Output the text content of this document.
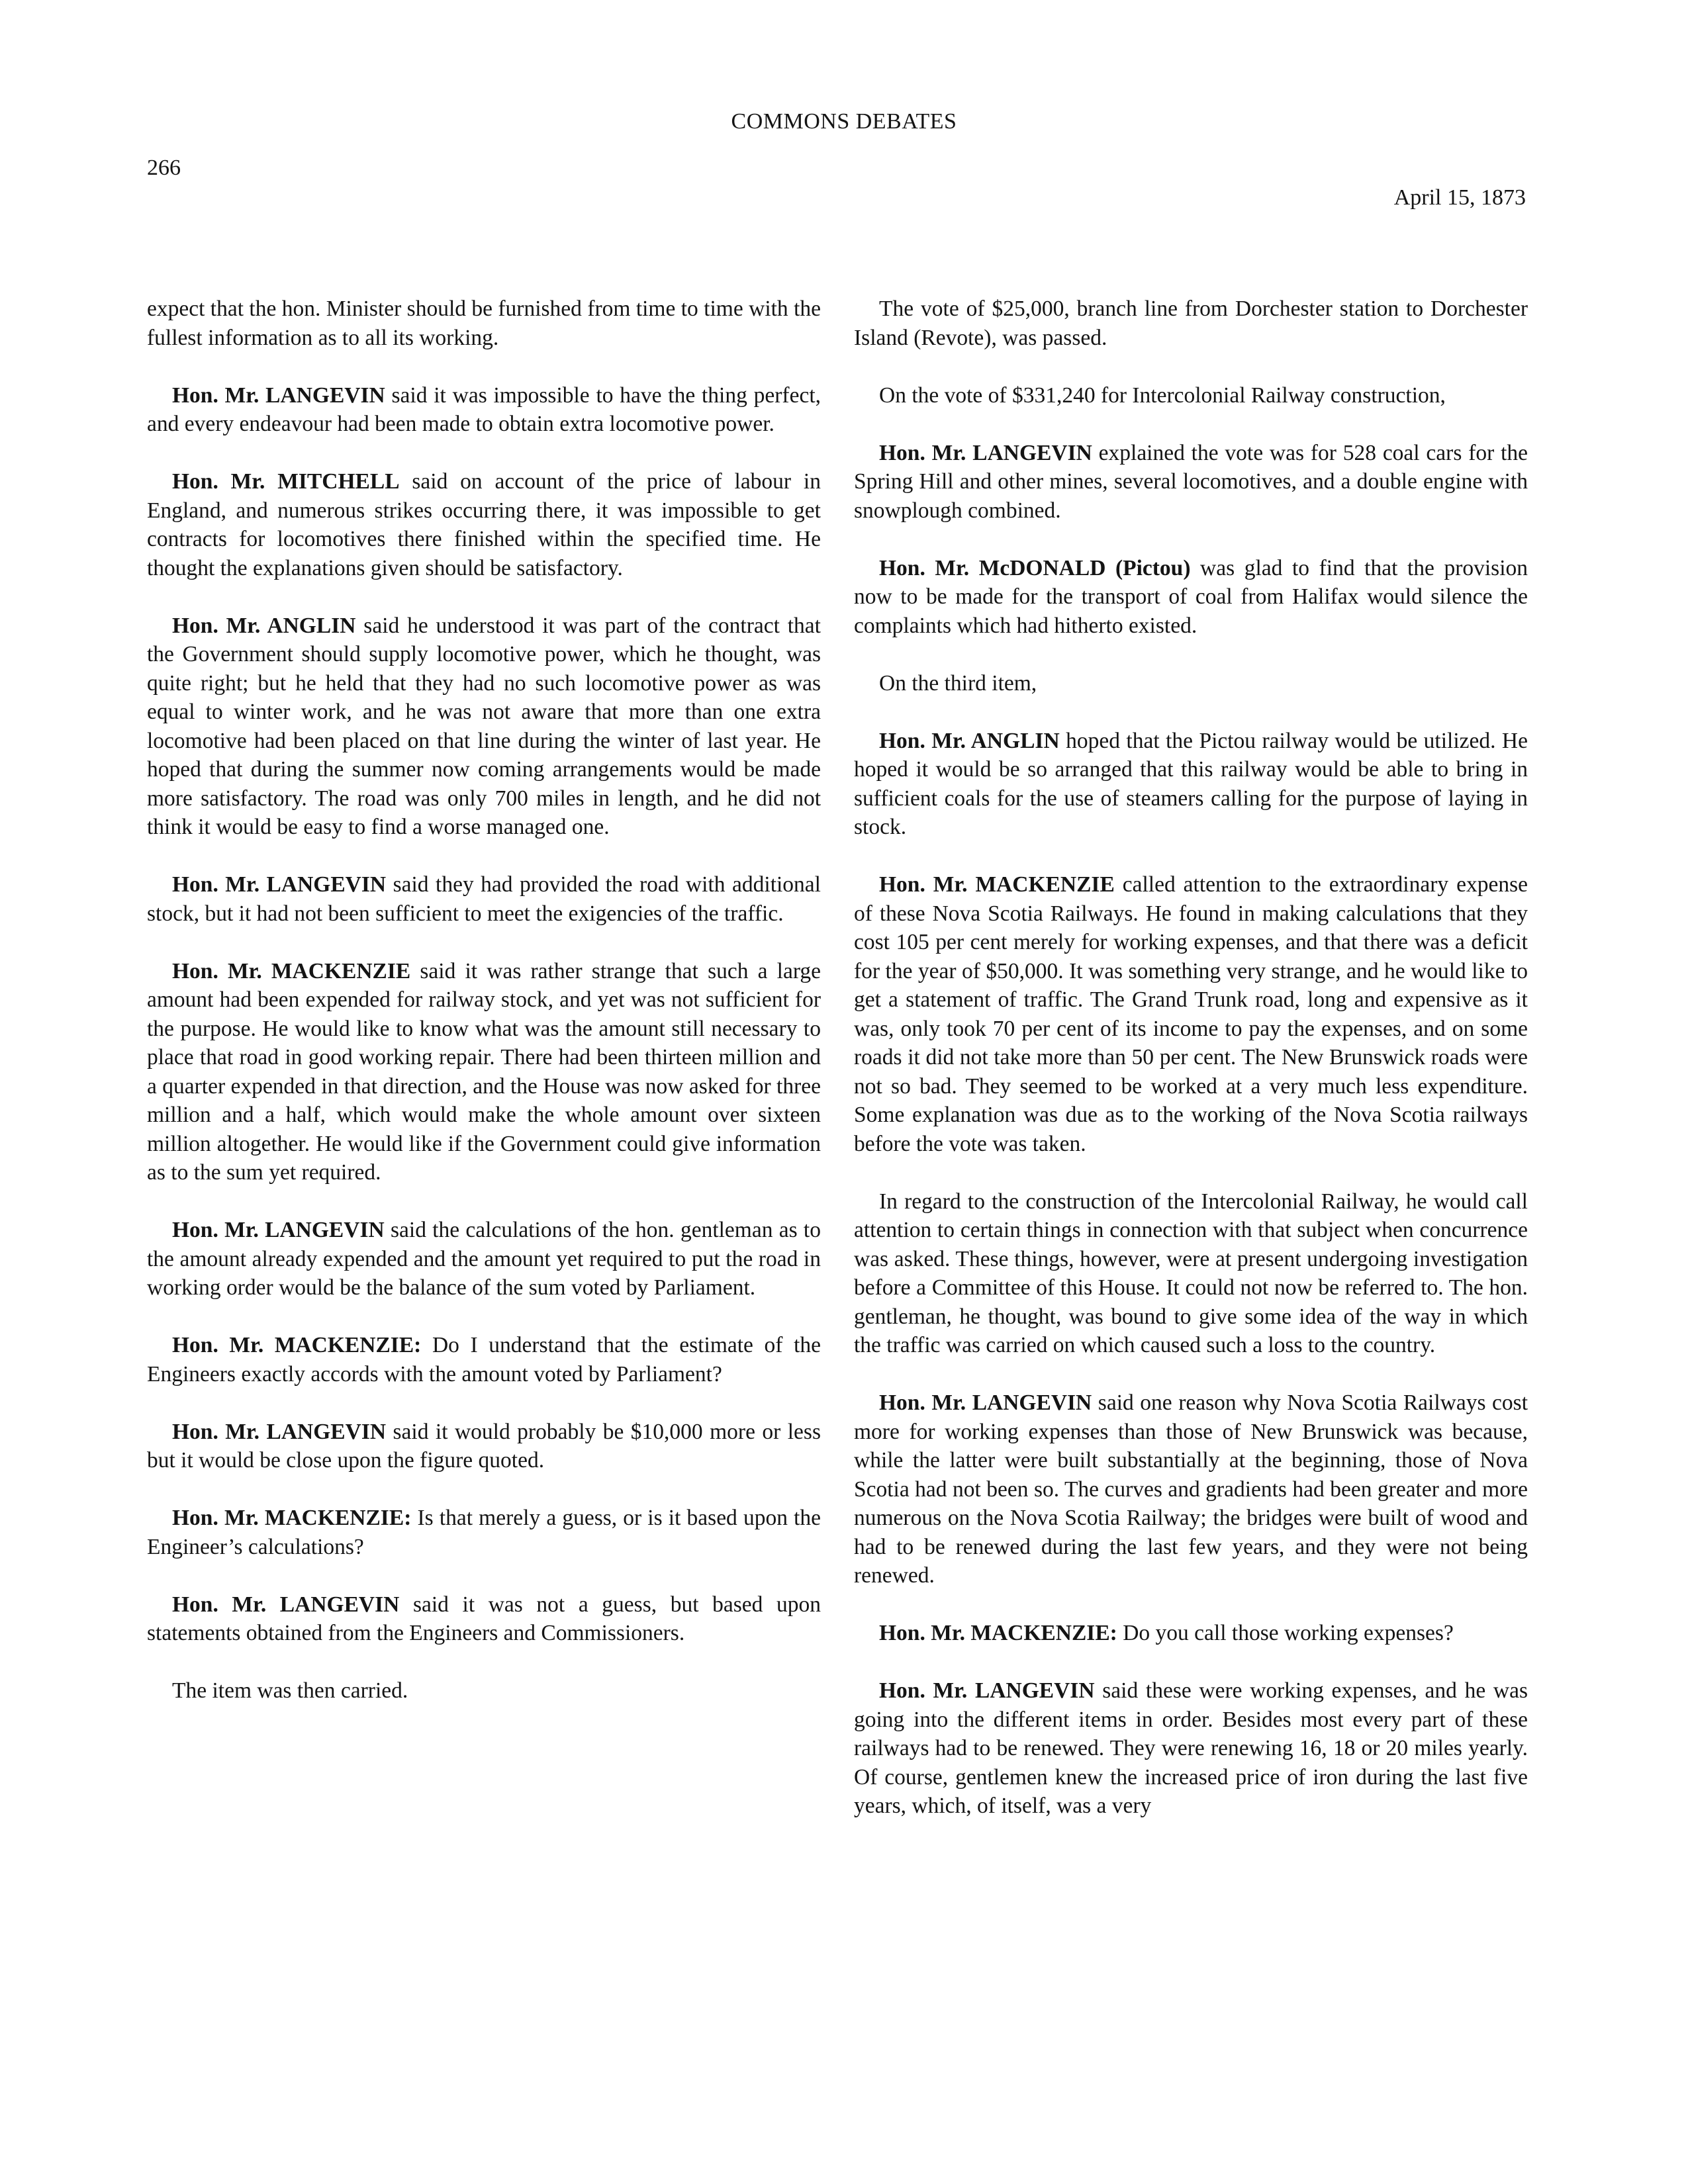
COMMONS DEBATES
266
April 15, 1873

expect that the hon. Minister should be furnished from time to time with the fullest information as to all its working.

Hon. Mr. LANGEVIN said it was impossible to have the thing perfect, and every endeavour had been made to obtain extra locomotive power.

Hon. Mr. MITCHELL said on account of the price of labour in England, and numerous strikes occurring there, it was impossible to get contracts for locomotives there finished within the specified time. He thought the explanations given should be satisfactory.

Hon. Mr. ANGLIN said he understood it was part of the contract that the Government should supply locomotive power, which he thought, was quite right; but he held that they had no such locomotive power as was equal to winter work, and he was not aware that more than one extra locomotive had been placed on that line during the winter of last year. He hoped that during the summer now coming arrangements would be made more satisfactory. The road was only 700 miles in length, and he did not think it would be easy to find a worse managed one.

Hon. Mr. LANGEVIN said they had provided the road with additional stock, but it had not been sufficient to meet the exigencies of the traffic.

Hon. Mr. MACKENZIE said it was rather strange that such a large amount had been expended for railway stock, and yet was not sufficient for the purpose. He would like to know what was the amount still necessary to place that road in good working repair. There had been thirteen million and a quarter expended in that direction, and the House was now asked for three million and a half, which would make the whole amount over sixteen million altogether. He would like if the Government could give information as to the sum yet required.

Hon. Mr. LANGEVIN said the calculations of the hon. gentleman as to the amount already expended and the amount yet required to put the road in working order would be the balance of the sum voted by Parliament.

Hon. Mr. MACKENZIE: Do I understand that the estimate of the Engineers exactly accords with the amount voted by Parliament?

Hon. Mr. LANGEVIN said it would probably be $10,000 more or less but it would be close upon the figure quoted.

Hon. Mr. MACKENZIE: Is that merely a guess, or is it based upon the Engineer’s calculations?

Hon. Mr. LANGEVIN said it was not a guess, but based upon statements obtained from the Engineers and Commissioners.

The item was then carried.

The vote of $25,000, branch line from Dorchester station to Dorchester Island (Revote), was passed.

On the vote of $331,240 for Intercolonial Railway construction,

Hon. Mr. LANGEVIN explained the vote was for 528 coal cars for the Spring Hill and other mines, several locomotives, and a double engine with snowplough combined.

Hon. Mr. McDONALD (Pictou) was glad to find that the provision now to be made for the transport of coal from Halifax would silence the complaints which had hitherto existed.

On the third item,

Hon. Mr. ANGLIN hoped that the Pictou railway would be utilized. He hoped it would be so arranged that this railway would be able to bring in sufficient coals for the use of steamers calling for the purpose of laying in stock.

Hon. Mr. MACKENZIE called attention to the extraordinary expense of these Nova Scotia Railways. He found in making calculations that they cost 105 per cent merely for working expenses, and that there was a deficit for the year of $50,000. It was something very strange, and he would like to get a statement of traffic. The Grand Trunk road, long and expensive as it was, only took 70 per cent of its income to pay the expenses, and on some roads it did not take more than 50 per cent. The New Brunswick roads were not so bad. They seemed to be worked at a very much less expenditure. Some explanation was due as to the working of the Nova Scotia railways before the vote was taken.

In regard to the construction of the Intercolonial Railway, he would call attention to certain things in connection with that subject when concurrence was asked. These things, however, were at present undergoing investigation before a Committee of this House. It could not now be referred to. The hon. gentleman, he thought, was bound to give some idea of the way in which the traffic was carried on which caused such a loss to the country.

Hon. Mr. LANGEVIN said one reason why Nova Scotia Railways cost more for working expenses than those of New Brunswick was because, while the latter were built substantially at the beginning, those of Nova Scotia had not been so. The curves and gradients had been greater and more numerous on the Nova Scotia Railway; the bridges were built of wood and had to be renewed during the last few years, and they were not being renewed.

Hon. Mr. MACKENZIE: Do you call those working expenses?

Hon. Mr. LANGEVIN said these were working expenses, and he was going into the different items in order. Besides most every part of these railways had to be renewed. They were renewing 16, 18 or 20 miles yearly. Of course, gentlemen knew the increased price of iron during the last five years, which, of itself, was a very
